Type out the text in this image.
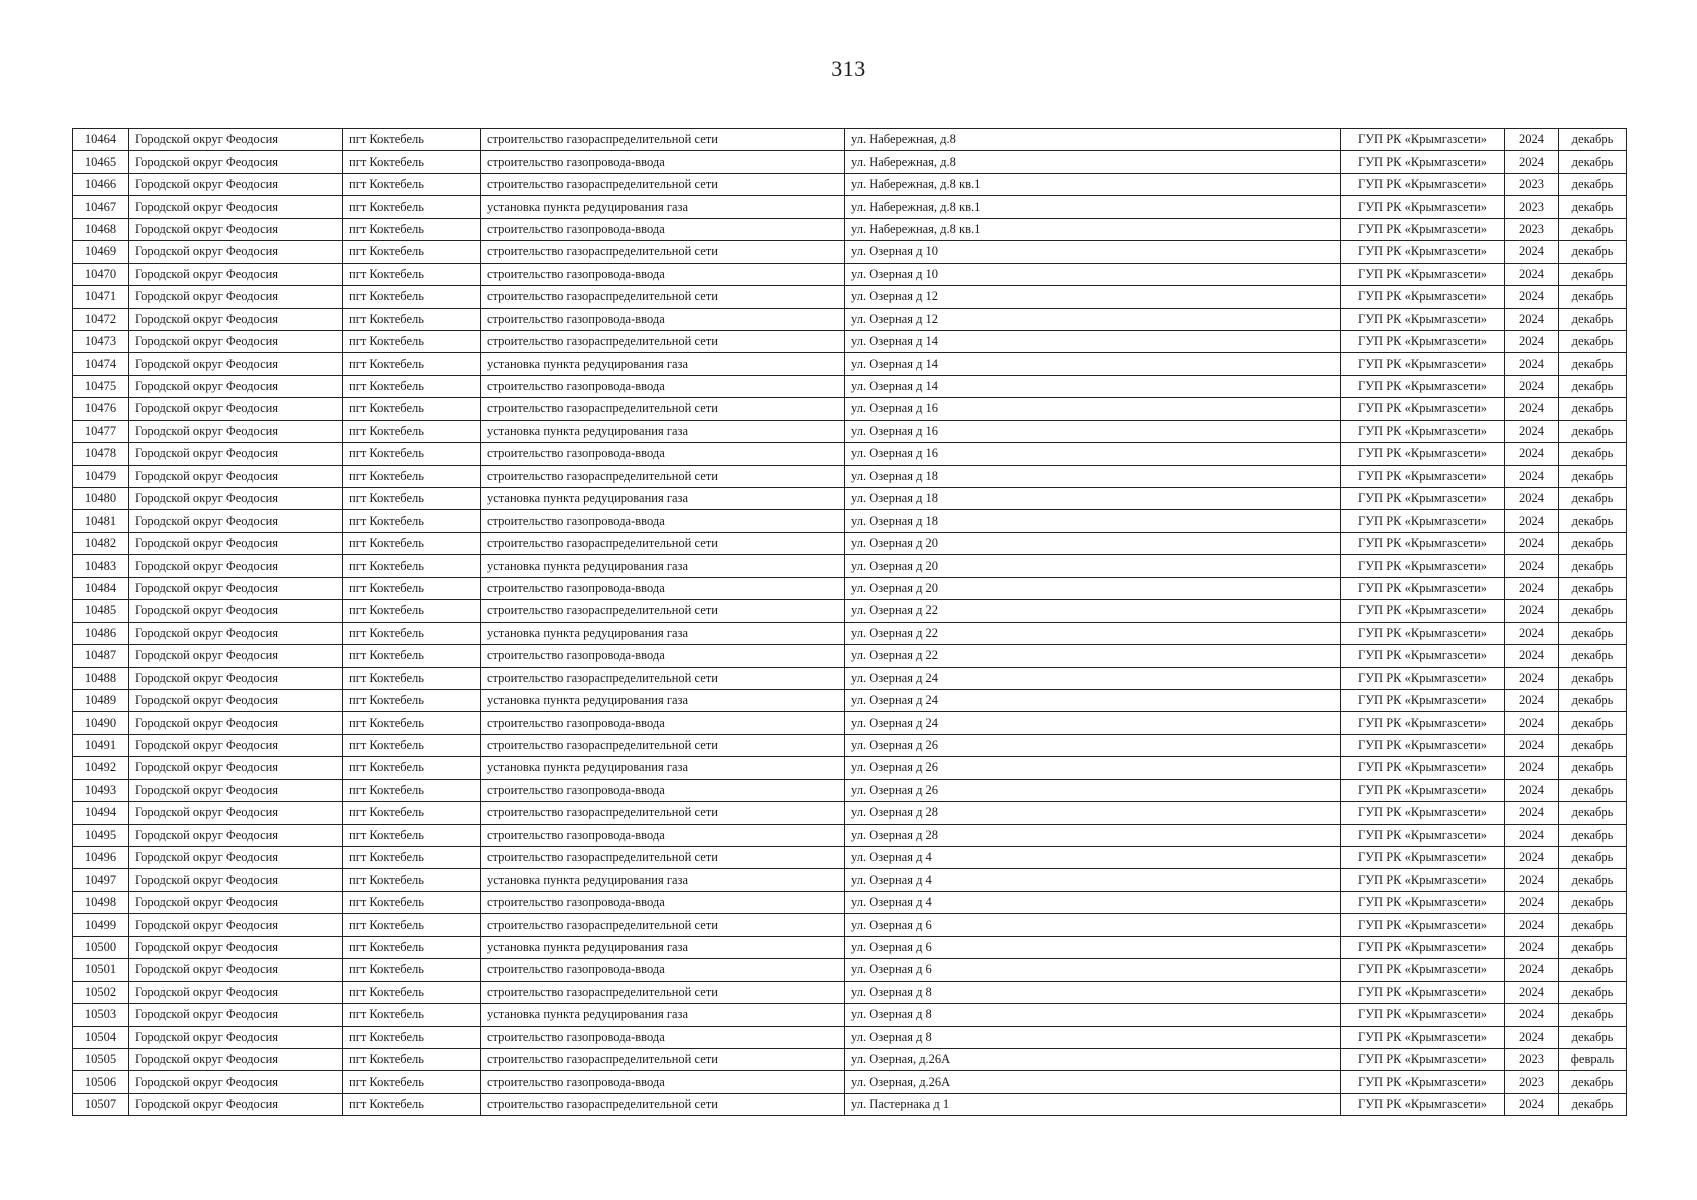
313
10464	Городской округ Феодосия	пгт Коктебель	строительство газораспределительной сети	ул. Набережная, д.8	ГУП РК «Крымгазсети»	2024	декабрь
10465	Городской округ Феодосия	пгт Коктебель	строительство газопровода-ввода	ул. Набережная, д.8	ГУП РК «Крымгазсети»	2024	декабрь
10466	Городской округ Феодосия	пгт Коктебель	строительство газораспределительной сети	ул. Набережная, д.8 кв.1	ГУП РК «Крымгазсети»	2023	декабрь
10467	Городской округ Феодосия	пгт Коктебель	установка пункта редуцирования газа	ул. Набережная, д.8 кв.1	ГУП РК «Крымгазсети»	2023	декабрь
10468	Городской округ Феодосия	пгт Коктебель	строительство газопровода-ввода	ул. Набережная, д.8 кв.1	ГУП РК «Крымгазсети»	2023	декабрь
10469	Городской округ Феодосия	пгт Коктебель	строительство газораспределительной сети	ул. Озерная д 10	ГУП РК «Крымгазсети»	2024	декабрь
10470	Городской округ Феодосия	пгт Коктебель	строительство газопровода-ввода	ул. Озерная д 10	ГУП РК «Крымгазсети»	2024	декабрь
10471	Городской округ Феодосия	пгт Коктебель	строительство газораспределительной сети	ул. Озерная д 12	ГУП РК «Крымгазсети»	2024	декабрь
10472	Городской округ Феодосия	пгт Коктебель	строительство газопровода-ввода	ул. Озерная д 12	ГУП РК «Крымгазсети»	2024	декабрь
10473	Городской округ Феодосия	пгт Коктебель	строительство газораспределительной сети	ул. Озерная д 14	ГУП РК «Крымгазсети»	2024	декабрь
10474	Городской округ Феодосия	пгт Коктебель	установка пункта редуцирования газа	ул. Озерная д 14	ГУП РК «Крымгазсети»	2024	декабрь
10475	Городской округ Феодосия	пгт Коктебель	строительство газопровода-ввода	ул. Озерная д 14	ГУП РК «Крымгазсети»	2024	декабрь
10476	Городской округ Феодосия	пгт Коктебель	строительство газораспределительной сети	ул. Озерная д 16	ГУП РК «Крымгазсети»	2024	декабрь
10477	Городской округ Феодосия	пгт Коктебель	установка пункта редуцирования газа	ул. Озерная д 16	ГУП РК «Крымгазсети»	2024	декабрь
10478	Городской округ Феодосия	пгт Коктебель	строительство газопровода-ввода	ул. Озерная д 16	ГУП РК «Крымгазсети»	2024	декабрь
10479	Городской округ Феодосия	пгт Коктебель	строительство газораспределительной сети	ул. Озерная д 18	ГУП РК «Крымгазсети»	2024	декабрь
10480	Городской округ Феодосия	пгт Коктебель	установка пункта редуцирования газа	ул. Озерная д 18	ГУП РК «Крымгазсети»	2024	декабрь
10481	Городской округ Феодосия	пгт Коктебель	строительство газопровода-ввода	ул. Озерная д 18	ГУП РК «Крымгазсети»	2024	декабрь
10482	Городской округ Феодосия	пгт Коктебель	строительство газораспределительной сети	ул. Озерная д 20	ГУП РК «Крымгазсети»	2024	декабрь
10483	Городской округ Феодосия	пгт Коктебель	установка пункта редуцирования газа	ул. Озерная д 20	ГУП РК «Крымгазсети»	2024	декабрь
10484	Городской округ Феодосия	пгт Коктебель	строительство газопровода-ввода	ул. Озерная д 20	ГУП РК «Крымгазсети»	2024	декабрь
10485	Городской округ Феодосия	пгт Коктебель	строительство газораспределительной сети	ул. Озерная д 22	ГУП РК «Крымгазсети»	2024	декабрь
10486	Городской округ Феодосия	пгт Коктебель	установка пункта редуцирования газа	ул. Озерная д 22	ГУП РК «Крымгазсети»	2024	декабрь
10487	Городской округ Феодосия	пгт Коктебель	строительство газопровода-ввода	ул. Озерная д 22	ГУП РК «Крымгазсети»	2024	декабрь
10488	Городской округ Феодосия	пгт Коктебель	строительство газораспределительной сети	ул. Озерная д 24	ГУП РК «Крымгазсети»	2024	декабрь
10489	Городской округ Феодосия	пгт Коктебель	установка пункта редуцирования газа	ул. Озерная д 24	ГУП РК «Крымгазсети»	2024	декабрь
10490	Городской округ Феодосия	пгт Коктебель	строительство газопровода-ввода	ул. Озерная д 24	ГУП РК «Крымгазсети»	2024	декабрь
10491	Городской округ Феодосия	пгт Коктебель	строительство газораспределительной сети	ул. Озерная д 26	ГУП РК «Крымгазсети»	2024	декабрь
10492	Городской округ Феодосия	пгт Коктебель	установка пункта редуцирования газа	ул. Озерная д 26	ГУП РК «Крымгазсети»	2024	декабрь
10493	Городской округ Феодосия	пгт Коктебель	строительство газопровода-ввода	ул. Озерная д 26	ГУП РК «Крымгазсети»	2024	декабрь
10494	Городской округ Феодосия	пгт Коктебель	строительство газораспределительной сети	ул. Озерная д 28	ГУП РК «Крымгазсети»	2024	декабрь
10495	Городской округ Феодосия	пгт Коктебель	строительство газопровода-ввода	ул. Озерная д 28	ГУП РК «Крымгазсети»	2024	декабрь
10496	Городской округ Феодосия	пгт Коктебель	строительство газораспределительной сети	ул. Озерная д 4	ГУП РК «Крымгазсети»	2024	декабрь
10497	Городской округ Феодосия	пгт Коктебель	установка пункта редуцирования газа	ул. Озерная д 4	ГУП РК «Крымгазсети»	2024	декабрь
10498	Городской округ Феодосия	пгт Коктебель	строительство газопровода-ввода	ул. Озерная д 4	ГУП РК «Крымгазсети»	2024	декабрь
10499	Городской округ Феодосия	пгт Коктебель	строительство газораспределительной сети	ул. Озерная д 6	ГУП РК «Крымгазсети»	2024	декабрь
10500	Городской округ Феодосия	пгт Коктебель	установка пункта редуцирования газа	ул. Озерная д 6	ГУП РК «Крымгазсети»	2024	декабрь
10501	Городской округ Феодосия	пгт Коктебель	строительство газопровода-ввода	ул. Озерная д 6	ГУП РК «Крымгазсети»	2024	декабрь
10502	Городской округ Феодосия	пгт Коктебель	строительство газораспределительной сети	ул. Озерная д 8	ГУП РК «Крымгазсети»	2024	декабрь
10503	Городской округ Феодосия	пгт Коктебель	установка пункта редуцирования газа	ул. Озерная д 8	ГУП РК «Крымгазсети»	2024	декабрь
10504	Городской округ Феодосия	пгт Коктебель	строительство газопровода-ввода	ул. Озерная д 8	ГУП РК «Крымгазсети»	2024	декабрь
10505	Городской округ Феодосия	пгт Коктебель	строительство газораспределительной сети	ул. Озерная, д.26А	ГУП РК «Крымгазсети»	2023	февраль
10506	Городской округ Феодосия	пгт Коктебель	строительство газопровода-ввода	ул. Озерная, д.26А	ГУП РК «Крымгазсети»	2023	декабрь
10507	Городской округ Феодосия	пгт Коктебель	строительство газораспределительной сети	ул. Пастернака д 1	ГУП РК «Крымгазсети»	2024	декабрь
